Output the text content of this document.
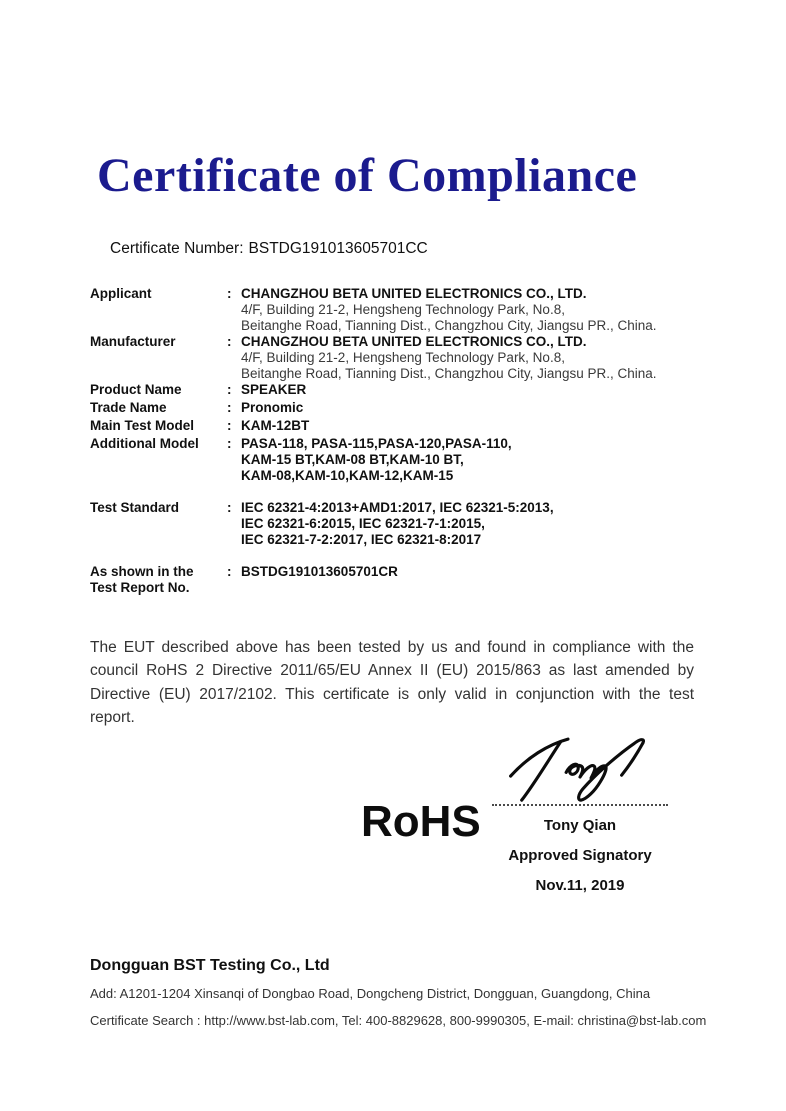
Certificate of Compliance
Certificate Number: BSTDG191013605701CC
Applicant	: CHANGZHOU BETA UNITED ELECTRONICS CO., LTD.
4/F, Building 21-2, Hengsheng Technology Park, No.8,
Beitanghe Road, Tianning Dist., Changzhou City, Jiangsu PR., China.
Manufacturer	: CHANGZHOU BETA UNITED ELECTRONICS CO., LTD.
4/F, Building 21-2, Hengsheng Technology Park, No.8,
Beitanghe Road, Tianning Dist., Changzhou City, Jiangsu PR., China.
Product Name	: SPEAKER
Trade Name	: Pronomic
Main Test Model	: KAM-12BT
Additional Model	: PASA-118, PASA-115,PASA-120,PASA-110,
KAM-15 BT,KAM-08 BT,KAM-10 BT,
KAM-08,KAM-10,KAM-12,KAM-15
Test Standard	: IEC 62321-4:2013+AMD1:2017, IEC 62321-5:2013,
IEC 62321-6:2015, IEC 62321-7-1:2015,
IEC 62321-7-2:2017, IEC 62321-8:2017
As shown in the
Test Report No.
: BSTDG191013605701CR

The EUT described above has been tested by us and found in compliance with the council RoHS 2 Directive 2011/65/EU Annex II (EU) 2015/863 as last amended by Directive (EU) 2017/2102. This certificate is only valid in conjunction with the test report.

RoHS	Tony Qian
Approved Signatory
Nov.11, 2019
Dongguan BST Testing Co., Ltd
Add: A1201-1204 Xinsanqi of Dongbao Road, Dongcheng District, Dongguan, Guangdong, China
Certificate Search : http://www.bst-lab.com, Tel: 400-8829628, 800-9990305, E-mail: christina@bst-lab.com
